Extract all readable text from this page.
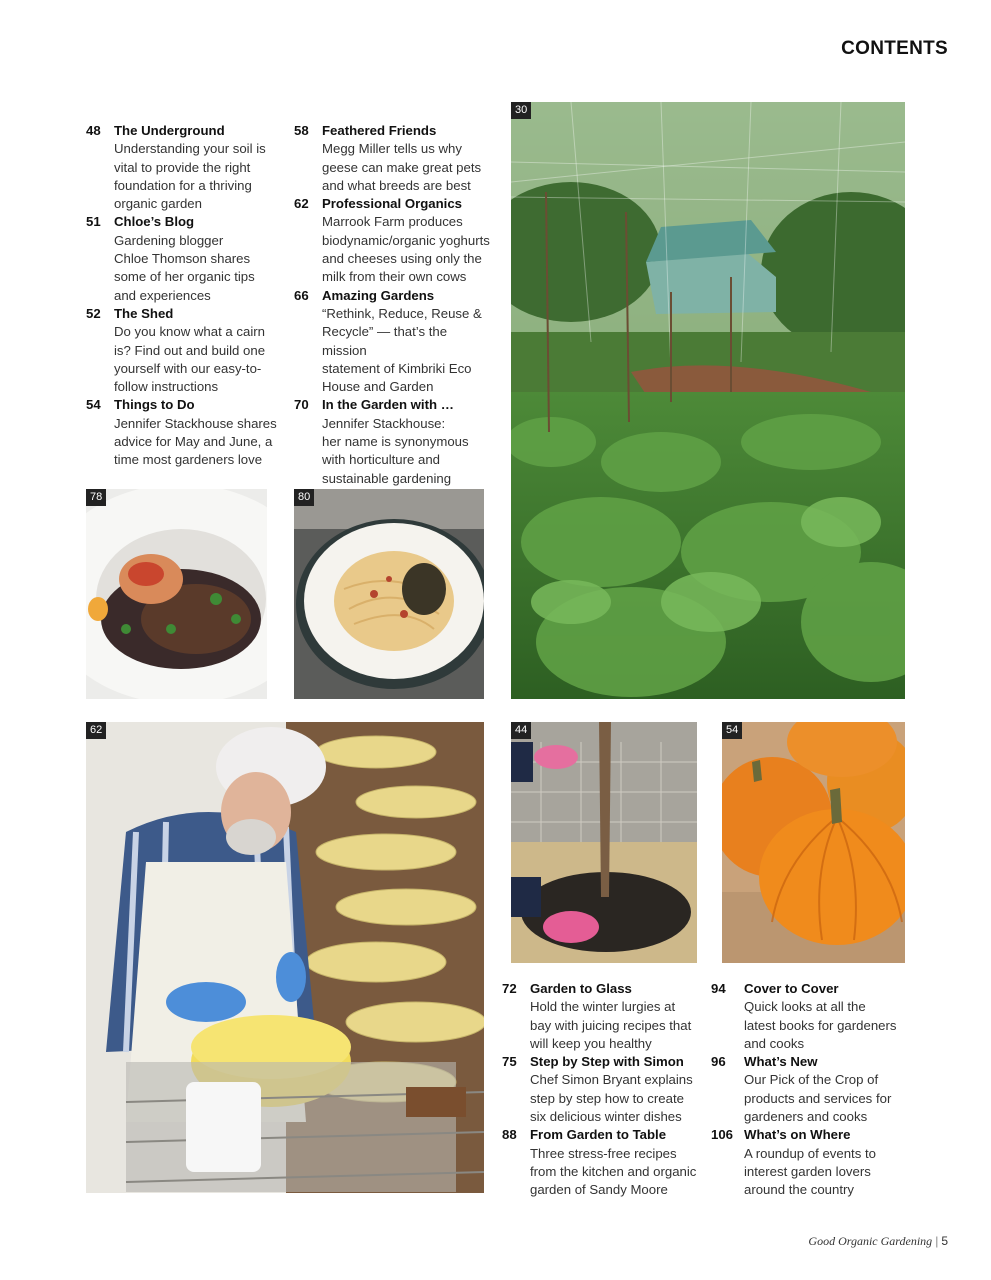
CONTENTS
48	The Underground
Understanding your soil is
vital to provide the right
foundation for a thriving
organic garden
51	Chloe’s Blog
Gardening blogger
Chloe Thomson shares
some of her organic tips
and experiences
52	The Shed
Do you know what a cairn
is? Find out and build one
yourself with our easy-to-
follow instructions
54	Things to Do
Jennifer Stackhouse shares
advice for May and June, a
time most gardeners love
58	Feathered Friends
Megg Miller tells us why
geese can make great pets
and what breeds are best
62	Professional Organics
Marrook Farm produces
biodynamic/organic yoghurts
and cheeses using only the
milk from their own cows
66	Amazing Gardens
“Rethink, Reduce, Reuse &
Recycle” — that’s the mission
statement of Kimbriki Eco
House and Garden
70	In the Garden with …
Jennifer Stackhouse:
her name is synonymous
with horticulture and
sustainable gardening
72	Garden to Glass
Hold the winter lurgies at
bay with juicing recipes that
will keep you healthy
75	Step by Step with Simon
Chef Simon Bryant explains
step by step how to create
six delicious winter dishes
88	From Garden to Table
Three stress-free recipes
from the kitchen and organic
garden of Sandy Moore
94	Cover to Cover
Quick looks at all the
latest books for gardeners
and cooks
96	What’s New
Our Pick of the Crop of
products and services for
gardeners and cooks
106 What’s on Where
A roundup of events to
interest garden lovers
around the country
30
78	80
62	44	54
Good Organic Gardening | 5
